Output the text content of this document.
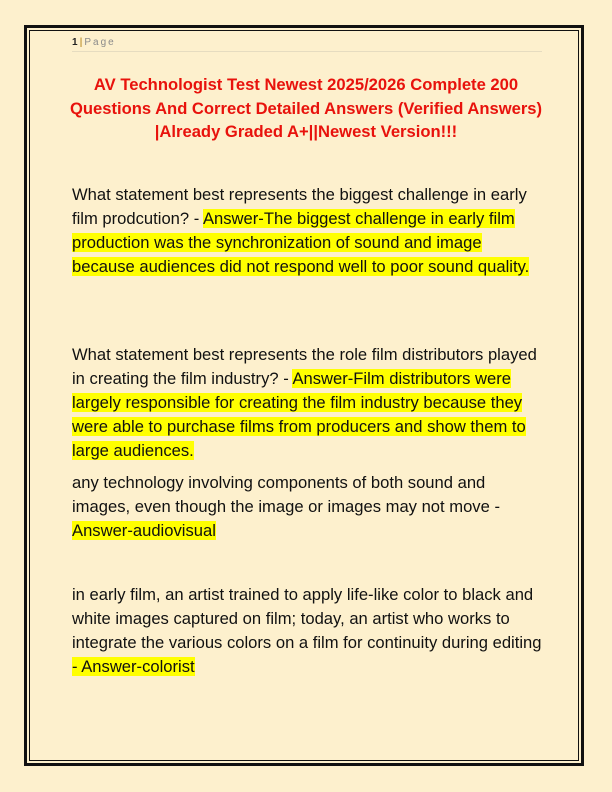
1 | Page
AV Technologist Test Newest 2025/2026 Complete 200 Questions And Correct Detailed Answers (Verified Answers) |Already Graded A+||Newest Version!!!

What statement best represents the biggest challenge in early film prodcution? - Answer-The biggest challenge in early film production was the synchronization of sound and image because audiences did not respond well to poor sound quality.

What statement best represents the role film distributors played in creating the film industry? - Answer-Film distributors were largely responsible for creating the film industry because they were able to purchase films from producers and show them to large audiences.

any technology involving components of both sound and images, even though the image or images may not move - Answer-audiovisual

in early film, an artist trained to apply life-like color to black and white images captured on film; today, an artist who works to integrate the various colors on a film for continuity during editing - Answer-colorist
